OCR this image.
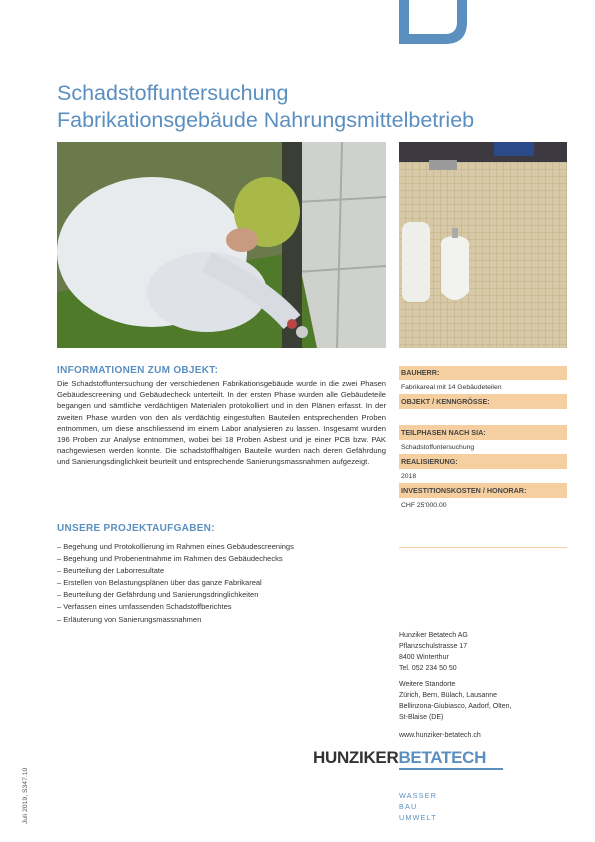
Schadstoffuntersuchung
Fabrikationsgebäude Nahrungsmittelbetrieb
INFORMATIONEN ZUM OBJEKT:
Die Schadstoffuntersuchung der verschiedenen Fabrikationsgebäude wurde in die zwei Phasen Gebäudescreening und Gebäudecheck unterteilt. In der ersten Phase wurden alle Gebäudeteile begangen und sämtliche verdächtigen Materialen protokolliert und in den Plänen erfasst. In der zweiten Phase wurden von den als verdächtig eingestuften Bauteilen entsprechenden Proben entnommen, um diese anschliessend im einem Labor analysieren zu lassen. Insgesamt wurden 196 Proben zur Analyse entnommen, wobei bei 18 Proben Asbest und je einer PCB bzw. PAK nachgewiesen werden konnte. Die schadstoffhaltigen Bauteile wurden nach deren Gefährdung und Sanierungsdinglichkeit beurteilt und entsprechende Sanierungsmassnahmen aufgezeigt.
UNSERE PROJEKTAUFGABEN:
– Begehung und Protokollierung im Rahmen eines Gebäudescreenings
– Begehung und Probenentnahme im Rahmen des Gebäudechecks
– Beurteilung der Laborresultate
– Erstellen von Belastungsplänen über das ganze Fabrikareal
– Beurteilung der Gefährdung und Sanierungsdringlichkeiten
– Verfassen eines umfassenden Schadstoffberichtes
– Erläuterung von Sanierungsmassnahmen
BAUHERR:
Fabrikareal mit 14 Gebäudeteilen
OBJEKT / KENNGRÖSSE:
TEILPHASEN NACH SIA:
Schadstoffuntersuchung
REALISIERUNG:
2018
INVESTITIONSKOSTEN / HONORAR:
CHF 25'000.00
Hunziker Betatech AG
Pflanzschulstrasse 17
8400 Winterthur
Tel. 052 234 50 50
Weitere Standorte
Zürich, Bern, Bülach, Lausanne
Bellinzona-Giubiasco, Aadorf, Olten,
St-Blaise (DE)
www.hunziker-betatech.ch
HUNZIKERBETATECH
WASSER
BAU
UMWELT
Juli 2019, S347.10
